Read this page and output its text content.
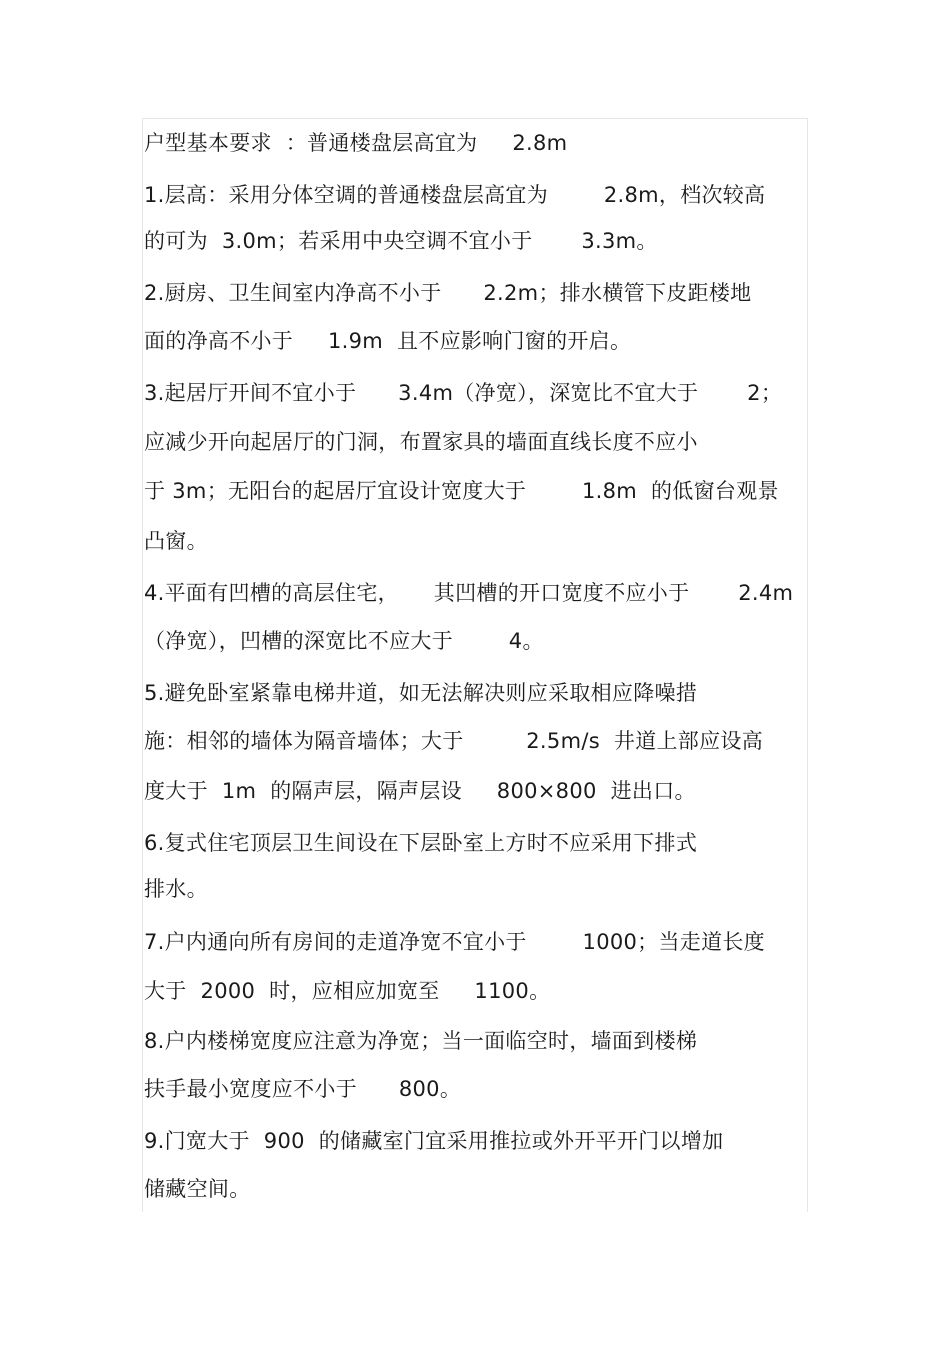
户型基本要求  ：普通楼盘层高宜为     2.8m
1.层高：采用分体空调的普通楼盘层高宜为        2.8m，档次较高
的可为  3.0m；若采用中央空调不宜小于       3.3m。
2.厨房、卫生间室内净高不小于      2.2m；排水横管下皮距楼地
面的净高不小于     1.9m  且不应影响门窗的开启。
3.起居厅开间不宜小于      3.4m（净宽），深宽比不宜大于       2；
应减少开向起居厅的门洞，布置家具的墙面直线长度不应小
于 3m；无阳台的起居厅宜设计宽度大于        1.8m  的低窗台观景
凸窗。
4.平面有凹槽的高层住宅，     其凹槽的开口宽度不应小于       2.4m
（净宽），凹槽的深宽比不应大于        4。
5.避免卧室紧靠电梯井道，如无法解决则应采取相应降噪措
施：相邻的墙体为隔音墙体；大于         2.5m/s  井道上部应设高
度大于  1m  的隔声层，隔声层设     800×800  进出口。
6.复式住宅顶层卫生间设在下层卧室上方时不应采用下排式
排水。
7.户内通向所有房间的走道净宽不宜小于        1000；当走道长度
大于  2000  时，应相应加宽至     1100。
8.户内楼梯宽度应注意为净宽；当一面临空时，墙面到楼梯
扶手最小宽度应不小于      800。
9.门宽大于  900  的储藏室门宜采用推拉或外开平开门以增加
储藏空间。
